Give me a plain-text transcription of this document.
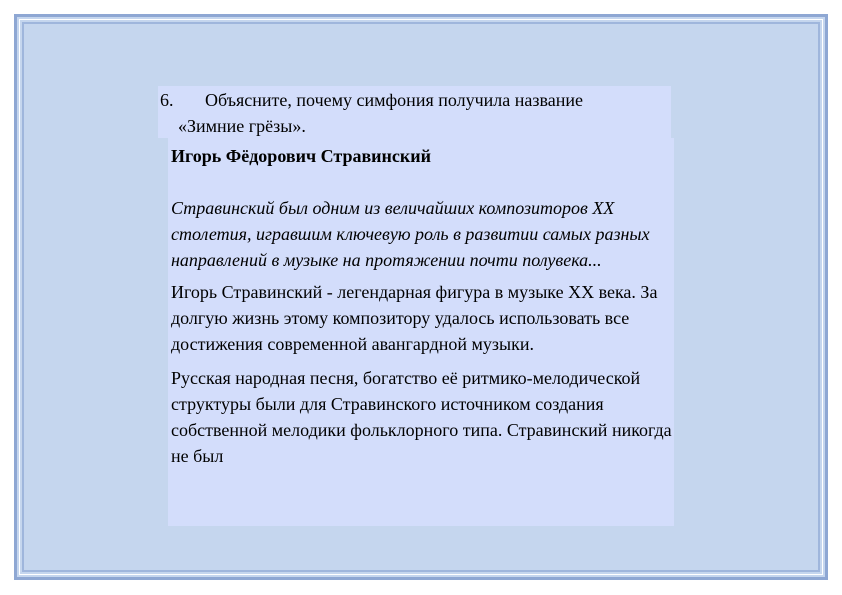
6. Объясните, почему симфония получила название
«Зимние грёзы».

Игорь Фёдорович Стравинский

Стравинский был одним из величайших композиторов XX столетия, игравшим ключевую роль в развитии самых разных направлений в музыке на протяжении почти полувека...

Игорь Стравинский - легендарная фигура в музыке XX века. За долгую жизнь этому композитору удалось использовать все достижения современной авангардной музыки.

Русская народная песня, богатство её ритмико-мелодической структуры были для Стравинского источником создания собственной мелодики фольклорного типа. Стравинский никогда не был
